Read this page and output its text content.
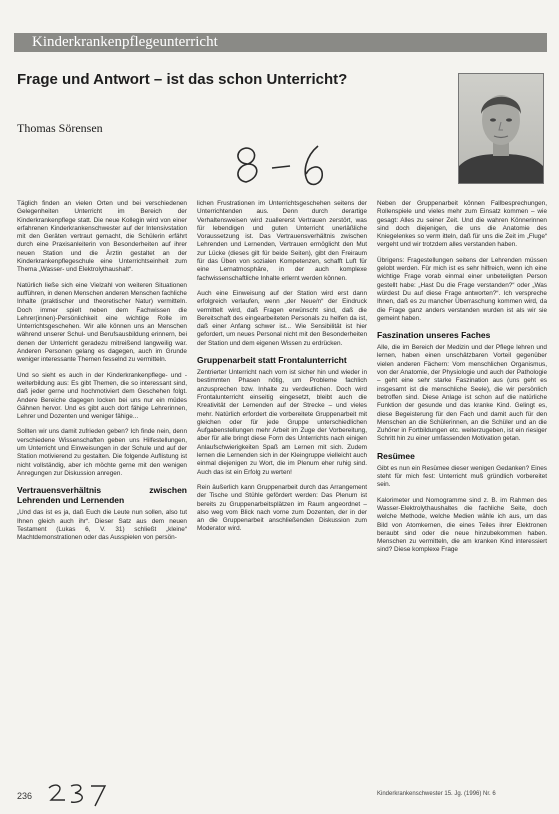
Kinderkrankenpflegeunterricht
Frage und Antwort – ist das schon Unterricht?
Thomas Sörensen

Täglich finden an vielen Orten und bei verschiedenen Gelegenheiten Unterricht im Bereich der Kinderkrankenpflege statt. Die neue Kollegin wird von einer erfahrenen Kinderkrankenschwester auf der Intensivstation mit den Geräten vertraut gemacht, die Schülerin erfährt durch eine Praxisanleiterin von Besonderheiten auf ihrer neuen Station und die Ärztin gestaltet an der Kinderkrankenpflegeschule eine Unterrichtseinheit zum Thema „Wasser- und Elektrolythaushalt“.

Natürlich ließe sich eine Vielzahl von weiteren Situationen aufführen, in denen Menschen anderen Menschen fachliche Inhalte (praktischer und theoretischer Natur) vermitteln. Doch immer spielt neben dem Fachwissen die Lehrer(innen)-Persönlichkeit eine wichtige Rolle im Unterrichtsgeschehen. Wir alle können uns an Menschen während unserer Schul- und Berufsausbildung erinnern, bei denen der Unterricht geradezu mitreißend langweilig war. Anderen Personen gelang es dagegen, auch im Grunde weniger interessante Themen fesselnd zu vermitteln.

Und so sieht es auch in der Kinderkrankenpflege- und -weiterbildung aus: Es gibt Themen, die so interessant sind, daß jeder gerne und hochmotiviert dem Geschehen folgt. Andere Bereiche dagegen locken bei uns nur ein müdes Gähnen hervor. Und es gibt auch dort fähige Lehrerinnen, Lehrer und Dozenten und weniger fähige...

Sollten wir uns damit zufrieden geben? Ich finde nein, denn verschiedene Wissenschaften geben uns Hilfestellungen, um Unterricht und Einweisungen in der Schule und auf der Station motivierend zu gestalten. Die folgende Auflistung ist nicht vollständig, aber ich möchte gerne mit den wenigen Anregungen zur Diskussion anregen.

Vertrauensverhältnis zwischen Lehrenden und Lernenden

„Und das ist es ja, daß Euch die Leute nun sollen, also tut Ihnen gleich auch ihr“. Dieser Satz aus dem neuen Testament (Lukas 6, V. 31) schließt „kleine“ Machtdemonstrationen oder das Ausspielen von persön-

lichen Frustrationen im Unterrichtsgeschehen seitens der Unterrichtenden aus. Denn durch derartige Verhaltensweisen wird zuallererst Vertrauen zerstört, was für lebendigen und guten Unterricht unerläßliche Voraussetzung ist. Das Vertrauensverhältnis zwischen Lehrenden und Lernenden, Vertrauen ermöglicht den Mut zur Lücke (dieses gilt für beide Seiten), gibt den Freiraum für das Üben von sozialen Kompetenzen, schafft Luft für eine Lernatmosphäre, in der auch komplexe fachwissenschaftliche Inhalte erlernt werden können.

Auch eine Einweisung auf der Station wird erst dann erfolgreich verlaufen, wenn „der Neue/n“ der Eindruck vermittelt wird, daß Fragen erwünscht sind, daß die Bereitschaft des eingearbeiteten Personals zu helfen da ist, daß einer Anfang schwer ist... Wie Sensibilität ist hier gefordert, um neues Personal nicht mit den Besonderheiten der Station und dem eigenen Wissen zu erdrücken.

Gruppenarbeit statt Frontalunterricht

Zentrierter Unterricht nach vorn ist sicher hin und wieder in bestimmten Phasen nötig, um Probleme fachlich anzusprechen bzw. Inhalte zu verdeutlichen. Doch wird Frontalunterricht einseitig eingesetzt, bleibt auch die Kreativität der Lernenden auf der Strecke – und vieles mehr. Natürlich erfordert die vorbereitete Gruppenarbeit mit gleichen oder für jede Gruppe unterschiedlichen Aufgabenstellungen mehr Arbeit im Zuge der Vorbereitung, aber für alle bringt diese Form des Unterrichts nach einigen Anlaufschwierigkeiten Spaß am Lernen mit sich. Zudem lernen die Lernenden sich in der Kleingruppe vielleicht auch einmal diejenigen zu Wort, die im Plenum eher ruhig sind. Auch das ist ein Erfolg zu werten!

Rein äußerlich kann Gruppenarbeit durch das Arrangement der Tische und Stühle gefördert werden: Das Plenum ist bereits zu Gruppenarbeitsplätzen im Raum angeordnet – also weg vom Blick nach vorne zum Dozenten, der in der an die Gruppenarbeit anschließenden Diskussion zum Moderator wird.

Neben der Gruppenarbeit können Fallbesprechungen, Rollenspiele und vieles mehr zum Einsatz kommen – wie gesagt: Alles zu seiner Zeit. Und die wahren Könnerinnen sind doch diejenigen, die uns die Anatomie des Kniegelenkes so verm itteln, daß für uns die Zeit im „Fluge“ vergeht und wir trotzdem alles verstanden haben.

Übrigens: Fragestellungen seitens der Lehrenden müssen gelobt werden. Für mich ist es sehr hilfreich, wenn ich eine wichtige Frage vorab einmal einer unbeteiligten Person gestellt habe: „Hast Du die Frage verstanden?“ oder „Was würdest Du auf diese Frage antworten?“. Ich verspreche Ihnen, daß es zu mancher Überraschung kommen wird, da die Frage ganz anders verstanden wurden ist als wir sie gemeint haben.

Faszination unseres Faches

Alle, die im Bereich der Medizin und der Pflege lehren und lernen, haben einen unschätzbaren Vorteil gegenüber vielen anderen Fächern: Vom menschlichen Organismus, von der Anatomie, der Physiologie und auch der Pathologie – geht eine sehr starke Faszination aus (uns geht es insgesamt ist die menschliche Seele), die wir persönlich betroffen sind. Diese Anlage ist schon auf die natürliche Funktion der gesunde und das kranke Kind. Gelingt es, diese Begeisterung für den Fach und damit auch für den Menschen an die Schülerinnen, an die Schüler und an die Zuhörer in Fortbildungen etc. weiterzugeben, ist ein riesiger Schritt hin zu einer umfassenden Motivation getan.

Resümee

Gibt es nun ein Resümee dieser wenigen Gedanken? Eines steht für mich fest: Unterricht muß gründlich vorbereitet sein.

Kalorimeter und Nomogramme sind z. B. im Rahmen des Wasser-Elektrolythaushaltes die fachliche Seite, doch welche Methode, welche Medien wähle ich aus, um das Bild von Atomkernen, die eines Teiles ihrer Elektronen beraubt sind oder die neue hinzubekommen haben. Menschen zu vermitteln, die am kranken Kind interessiert sind? Diese komplexe Frage

236	Kinderkrankenschwester 15. Jg. (1996) Nr. 6
